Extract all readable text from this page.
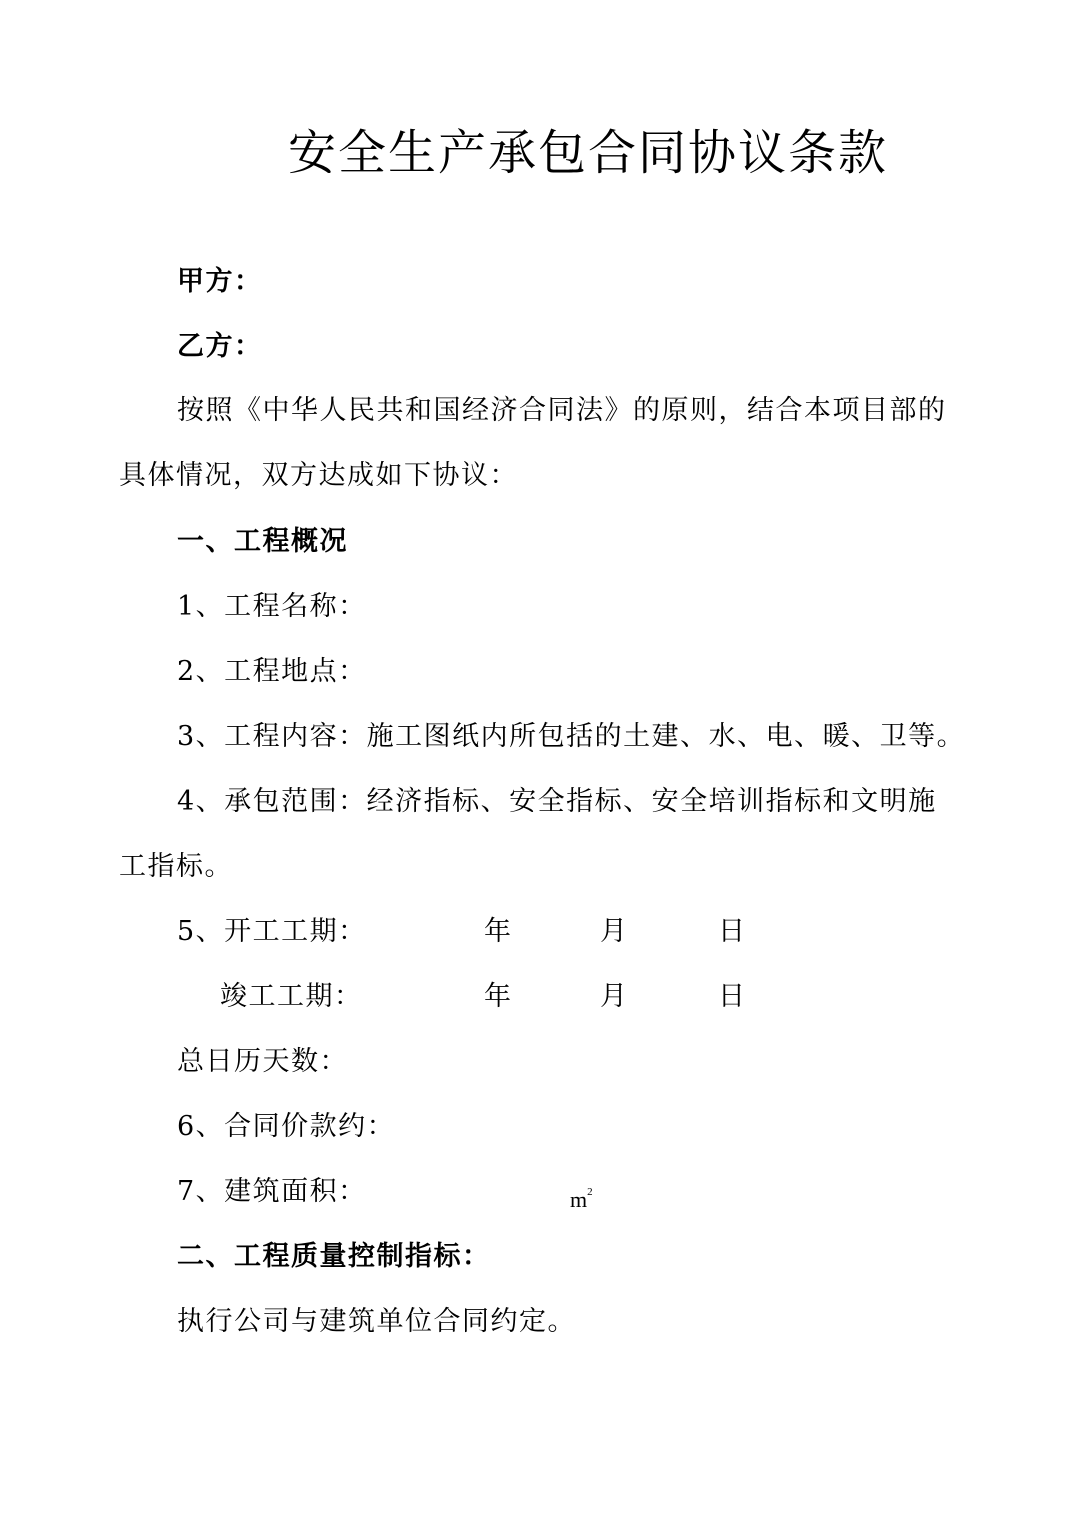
安全生产承包合同协议条款
甲方：
乙方：
按照《中华人民共和国经济合同法》的原则，结合本项目部的
具体情况，双方达成如下协议：
一、工程概况
1、工程名称：
2、工程地点：
3、工程内容：施工图纸内所包括的土建、水、电、暖、卫等。
4、承包范围：经济指标、安全指标、安全培训指标和文明施
工指标。
5、开工工期：	年	月	日
竣工工期：	年	月	日
总日历天数：
6、合同价款约：
7、建筑面积：	$m^2$
二、工程质量控制指标：
执行公司与建筑单位合同约定。
